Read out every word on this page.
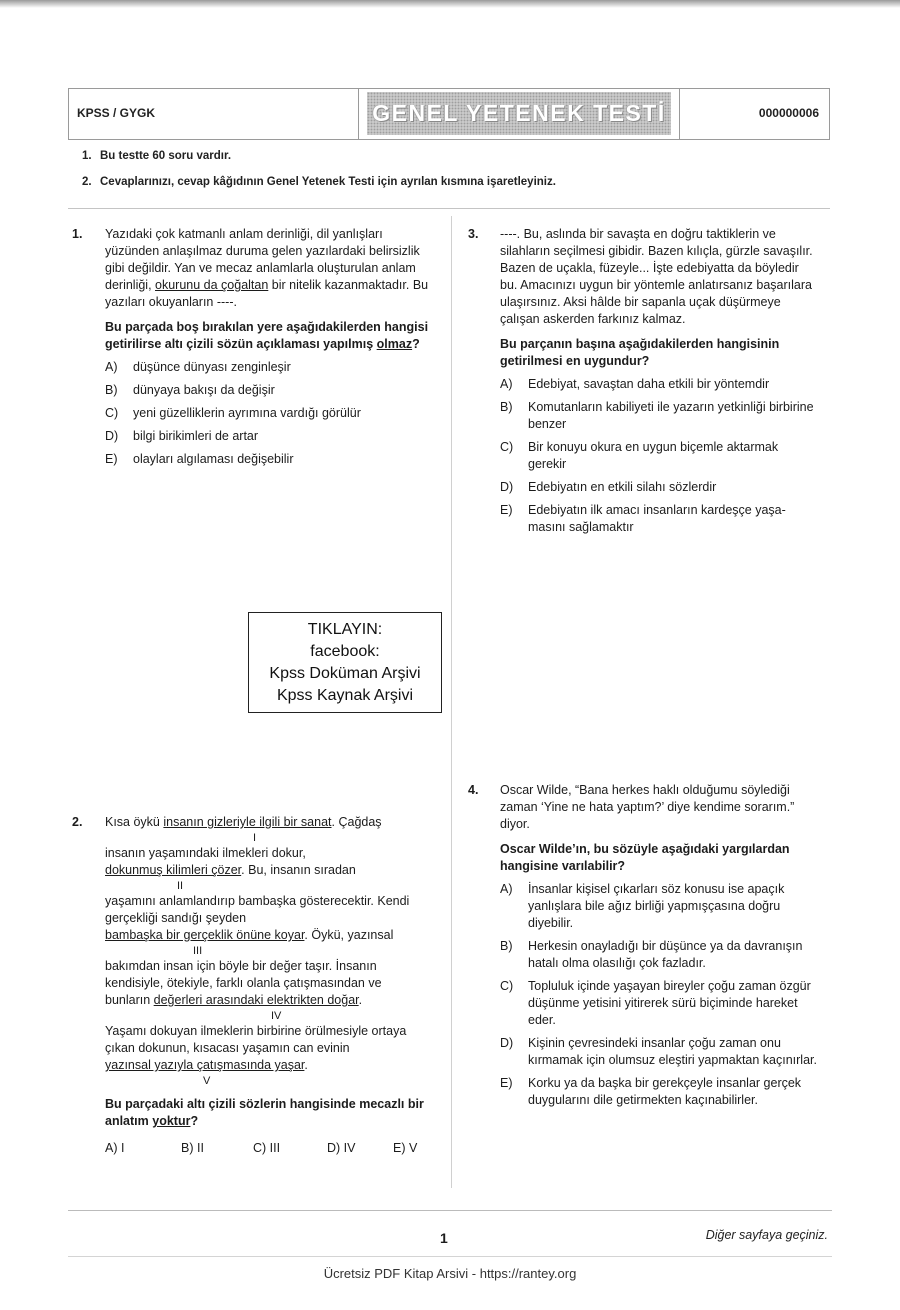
KPSS / GYGK	GENEL YETENEK TESTİ	000000006
1. Bu testte 60 soru vardır.
2. Cevaplarınızı, cevap kâğıdının Genel Yetenek Testi için ayrılan kısmına işaretleyiniz.
1. Yazıdaki çok katmanlı anlam derinliği, dil yanlışları yüzünden anlaşılmaz duruma gelen yazılardaki belirsizlik gibi değildir. Yan ve mecaz anlamlarla oluşturulan anlam derinliği, okurunu da çoğaltan bir nitelik kazanmaktadır. Bu yazıları okuyanların ----.
Bu parçada boş bırakılan yere aşağıdakilerden hangisi getirilirse altı çizili sözün açıklaması yapılmış olmaz?
A)	düşünce dünyası zenginleşir
B)	dünyaya bakışı da değişir
C)	yeni güzelliklerin ayrımına vardığı görülür
D)	bilgi birikimleri de artar
E)	olayları algılaması değişebilir
TIKLAYIN:
facebook:
Kpss Doküman Arşivi
Kpss Kaynak Arşivi
2. Kısa öykü insanın gizleriyle ilgili bir sanat. Çağdaş
I
insanın yaşamındaki ilmekleri dokur,
dokunmuş kilimleri çözer. Bu, insanın sıradan
II
yaşamını anlamlandırıp bambaşka gösterecektir. Kendi gerçekliği sandığı şeyden
bambaşka bir gerçeklik önüne koyar. Öykü, yazınsal
III
bakımdan insan için böyle bir değer taşır. İnsanın kendisiyle, ötekiyle, farklı olanla çatışmasından ve bunların değerleri arasındaki elektrikten doğar.
IV
Yaşamı dokuyan ilmeklerin birbirine örülmesiyle ortaya çıkan dokunun, kısacası yaşamın can evinin
yazınsal yazıyla çatışmasında yaşar.
V
Bu parçadaki altı çizili sözlerin hangisinde mecazlı bir anlatım yoktur?
A) I	B) II	C) III	D) IV	E) V
3. ----. Bu, aslında bir savaşta en doğru taktiklerin ve silahların seçilmesi gibidir. Bazen kılıçla, gürzle savaşılır. Bazen de uçakla, füzeyle... İşte edebiyatta da böyledir bu. Amacınızı uygun bir yöntemle anlatırsanız başarılara ulaşırsınız. Aksi hâlde bir sapanla uçak düşürmeye çalışan askerden farkınız kalmaz.
Bu parçanın başına aşağıdakilerden hangisinin getirilmesi en uygundur?
A)	Edebiyat, savaştan daha etkili bir yöntemdir
B)	Komutanların kabiliyeti ile yazarın yetkinliği birbirine benzer
C)	Bir konuyu okura en uygun biçemle aktarmak gerekir
D)	Edebiyatın en etkili silahı sözlerdir
E)	Edebiyatın ilk amacı insanların kardeşçe yaşa-masını sağlamaktır
4. Oscar Wilde, “Bana herkes haklı olduğumu söylediği zaman ‘Yine ne hata yaptım?’ diye kendime sorarım.” diyor.
Oscar Wilde’ın, bu sözüyle aşağıdaki yargılardan hangisine varılabilir?
A)	İnsanlar kişisel çıkarları söz konusu ise apaçık yanlışlara bile ağız birliği yapmışçasına doğru diyebilir.
B)	Herkesin onayladığı bir düşünce ya da davranışın hatalı olma olasılığı çok fazladır.
C)	Topluluk içinde yaşayan bireyler çoğu zaman özgür düşünme yetisini yitirerek sürü biçiminde hareket eder.
D)	Kişinin çevresindeki insanlar çoğu zaman onu kırmamak için olumsuz eleştiri yapmaktan kaçınırlar.
E)	Korku ya da başka bir gerekçeyle insanlar gerçek duygularını dile getirmekten kaçınabilirler.
1	Diğer sayfaya geçiniz.
Ücretsiz PDF Kitap Arsivi - https://rantey.org
